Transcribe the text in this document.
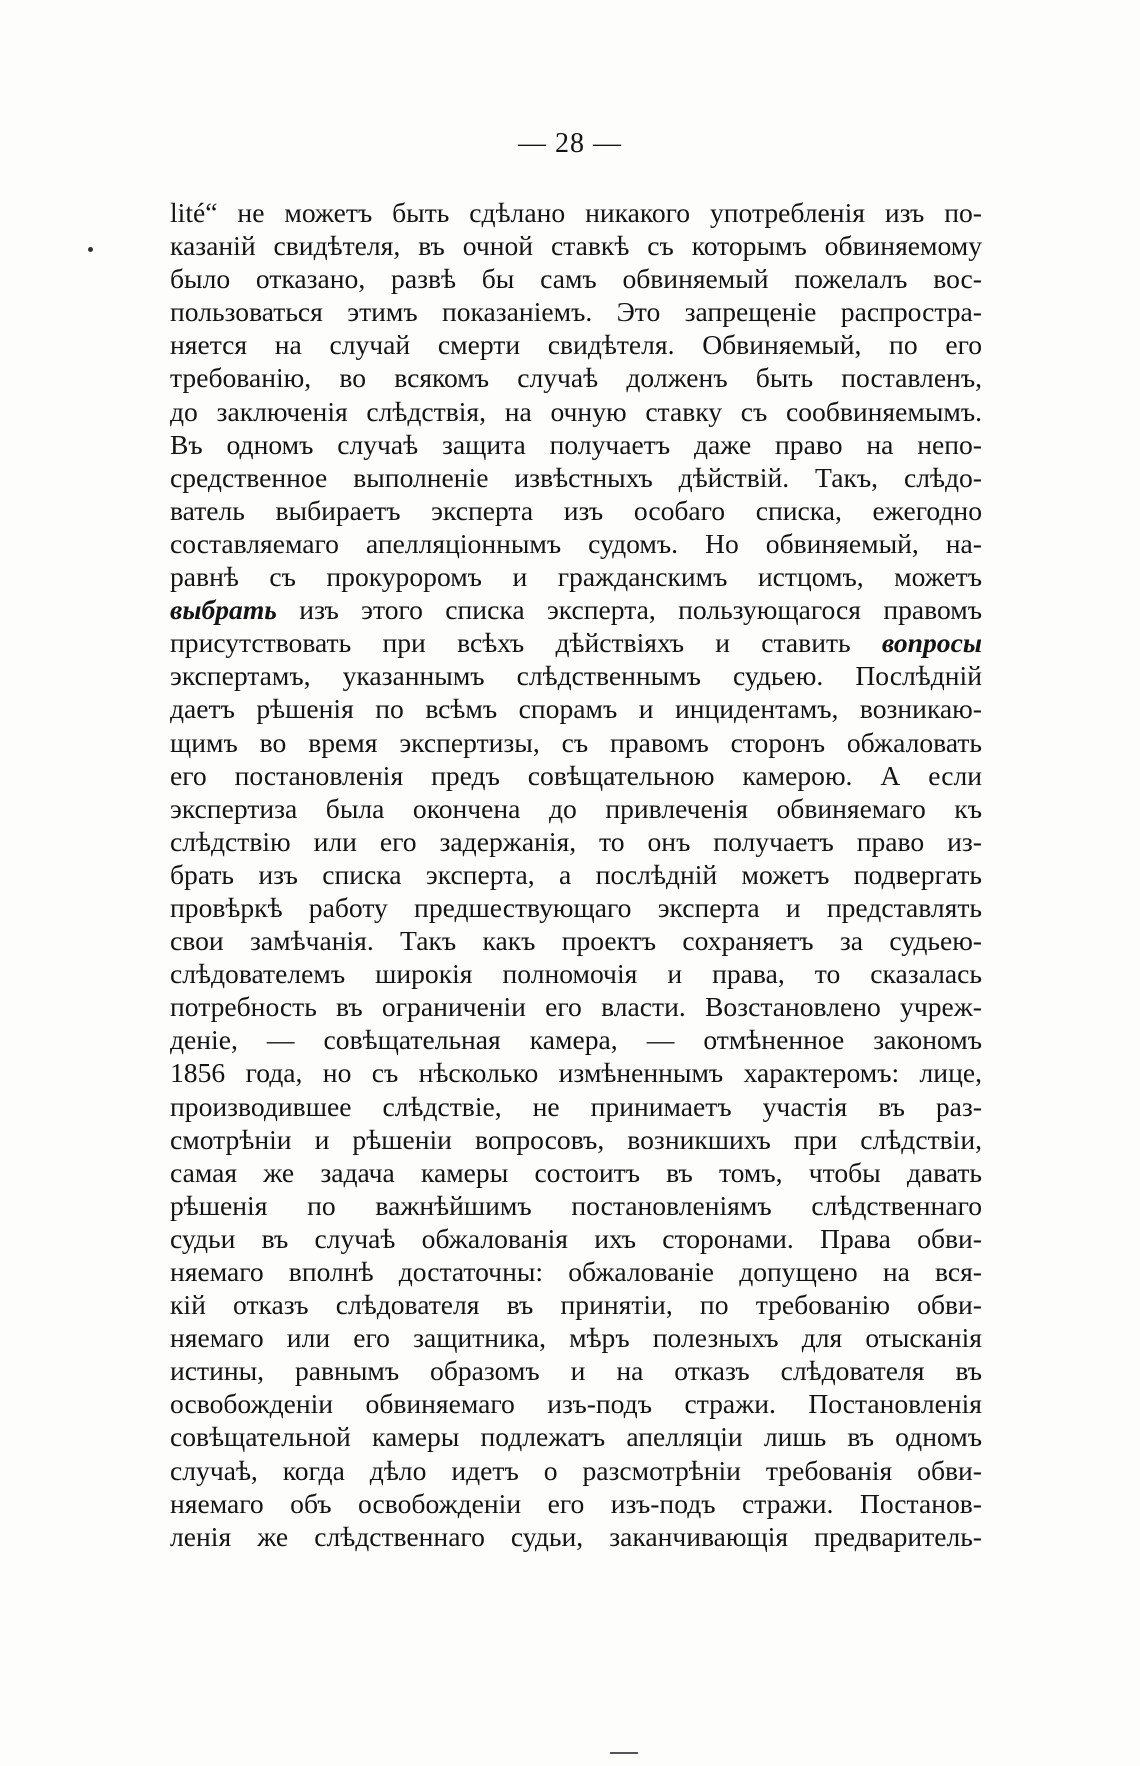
— 28 —
lité“ не можетъ быть сдѣлано никакого употребленія изъ по-
казаній свидѣтеля, въ очной ставкѣ съ которымъ обвиняемому
было отказано, развѣ бы самъ обвиняемый пожелалъ вос-
пользоваться этимъ показаніемъ. Это запрещеніе распростра-
няется на случай смерти свидѣтеля. Обвиняемый, по его
требованію, во всякомъ случаѣ долженъ быть поставленъ,
до заключенія слѣдствія, на очную ставку съ сообвиняемымъ.
Въ одномъ случаѣ защита получаетъ даже право на непо-
средственное выполненіе извѣстныхъ дѣйствій. Такъ, слѣдо-
ватель выбираетъ эксперта изъ особаго списка, ежегодно
составляемаго апелляціоннымъ судомъ. Но обвиняемый, на-
равнѣ съ прокуроромъ и гражданскимъ истцомъ, можетъ
выбрать изъ этого списка эксперта, пользующагося правомъ
присутствовать при всѣхъ дѣйствіяхъ и ставить вопросы
экспертамъ, указаннымъ слѣдственнымъ судьею. Послѣдній
даетъ рѣшенія по всѣмъ спорамъ и инцидентамъ, возникаю-
щимъ во время экспертизы, съ правомъ сторонъ обжаловать
его постановленія предъ совѣщательною камерою. А если
экспертиза была окончена до привлеченія обвиняемаго къ
слѣдствію или его задержанія, то онъ получаетъ право из-
брать изъ списка эксперта, а послѣдній можетъ подвергать
провѣркѣ работу предшествующаго эксперта и представлять
свои замѣчанія. Такъ какъ проектъ сохраняетъ за судьею-
слѣдователемъ широкія полномочія и права, то сказалась
потребность въ ограниченіи его власти. Возстановлено учреж-
деніе, — совѣщательная камера, — отмѣненное закономъ
1856 года, но съ нѣсколько измѣненнымъ характеромъ: лице,
производившее слѣдствіе, не принимаетъ участія въ раз-
смотрѣніи и рѣшеніи вопросовъ, возникшихъ при слѣдствіи,
самая же задача камеры состоитъ въ томъ, чтобы давать
рѣшенія по важнѣйшимъ постановленіямъ слѣдственнаго
судьи въ случаѣ обжалованія ихъ сторонами. Права обви-
няемаго вполнѣ достаточны: обжалованіе допущено на вся-
кій отказъ слѣдователя въ принятіи, по требованію обви-
няемаго или его защитника, мѣръ полезныхъ для отысканія
истины, равнымъ образомъ и на отказъ слѣдователя въ
освобожденіи обвиняемаго изъ-подъ стражи. Постановленія
совѣщательной камеры подлежатъ апелляціи лишь въ одномъ
случаѣ, когда дѣло идетъ о разсмотрѣніи требованія обви-
няемаго объ освобожденіи его изъ-подъ стражи. Постанов-
ленія же слѣдственнаго судьи, заканчивающія предваритель-
